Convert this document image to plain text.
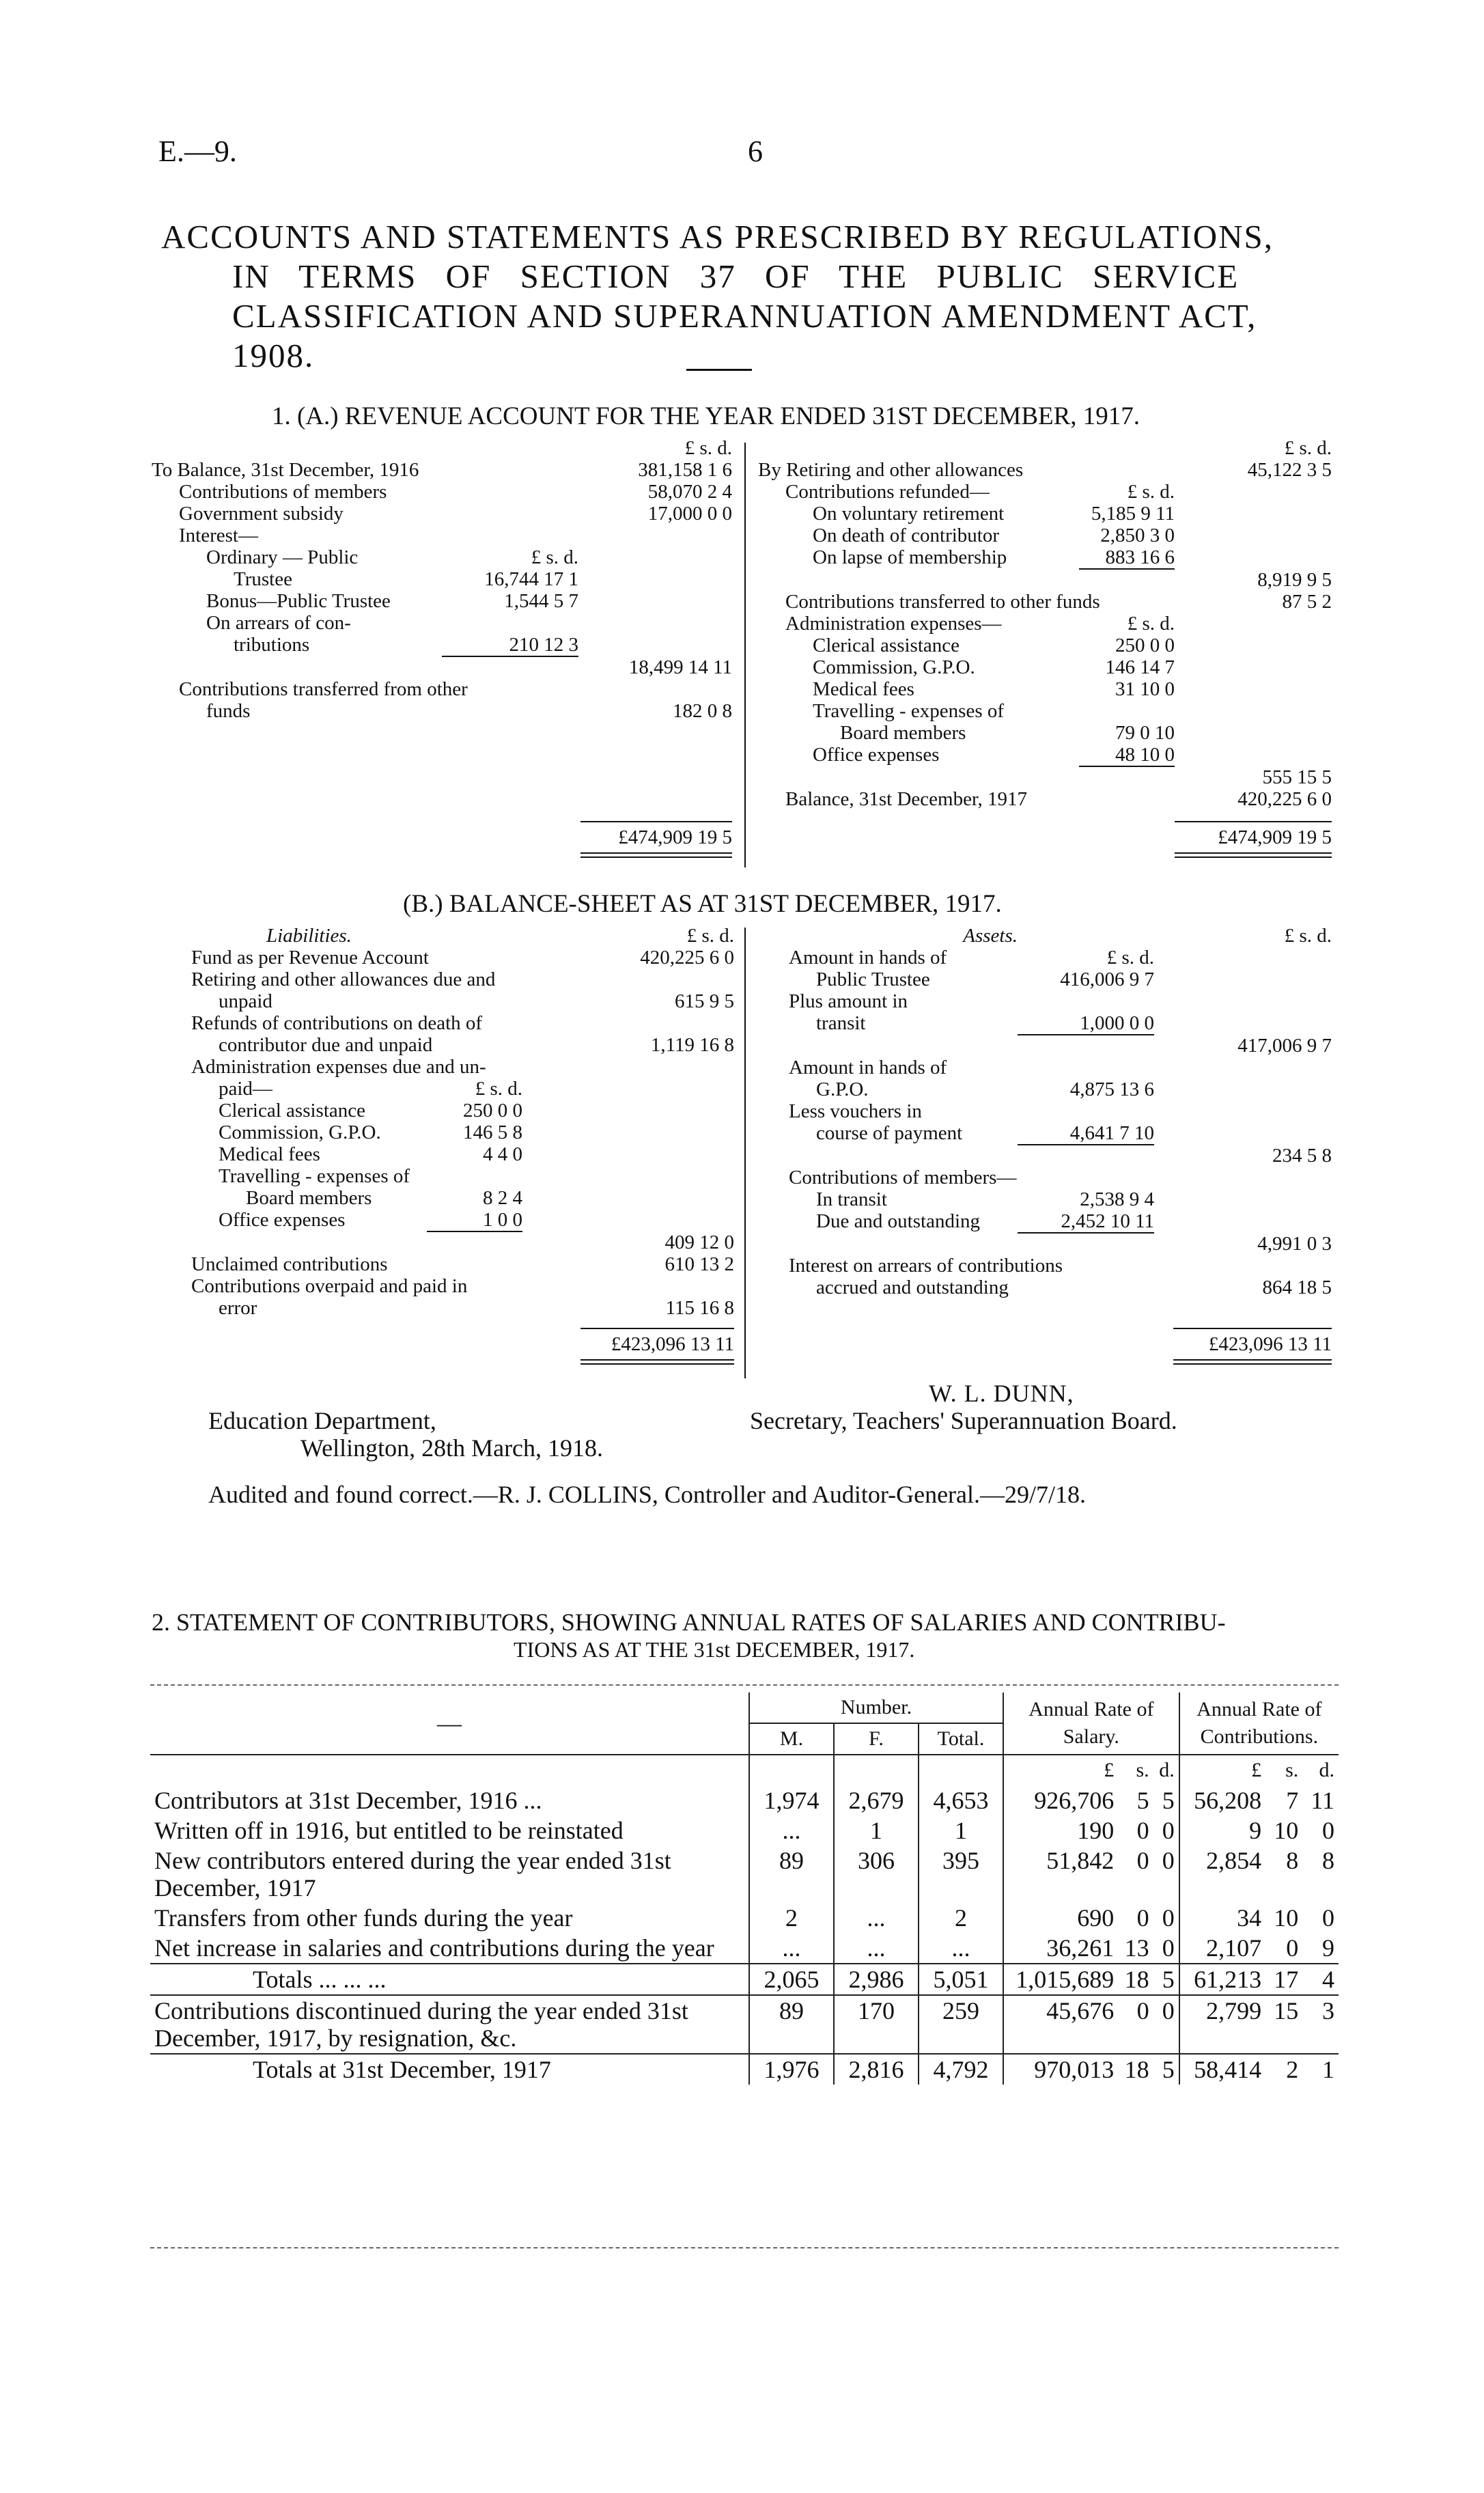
E.—9.	6
ACCOUNTS AND STATEMENTS AS PRESCRIBED BY REGULATIONS,
IN TERMS OF SECTION 37 OF THE PUBLIC SERVICE
CLASSIFICATION AND SUPERANNUATION AMENDMENT ACT,
1908.
1. (A.) REVENUE ACCOUNT FOR THE YEAR ENDED 31ST DECEMBER, 1917.
		£ s. d.
To Balance, 31st December, 1916		381,158 1 6
Contributions of members		58,070 2 4
Government subsidy		17,000 0 0
Interest—		
Ordinary — Public	£ s. d.	
Trustee	16,744 17 1	
Bonus—Public Trustee	1,544 5 7	
On arrears of con-		
tributions	210 12 3	
		18,499 14 11
Contributions transferred from other		
funds		182 0 8
£474,909 19 5
		£ s. d.
By Retiring and other allowances		45,122 3 5
Contributions refunded—	£ s. d.	
On voluntary retirement	5,185 9 11	
On death of contributor	2,850 3 0	
On lapse of membership	883 16 6	
		8,919 9 5
Contributions transferred to other funds		87 5 2
Administration expenses—	£ s. d.	
Clerical assistance	250 0 0	
Commission, G.P.O.	146 14 7	
Medical fees	31 10 0	
Travelling - expenses of		
Board members	79 0 10	
Office expenses	48 10 0	
		555 15 5
Balance, 31st December, 1917		420,225 6 0
£474,909 19 5
(B.) BALANCE-SHEET AS AT 31ST DECEMBER, 1917.
Liabilities.		£ s. d.
Fund as per Revenue Account		420,225 6 0
Retiring and other allowances due and		
unpaid		615 9 5
Refunds of contributions on death of		
contributor due and unpaid		1,119 16 8
Administration expenses due and un-		
paid—	£ s. d.	
Clerical assistance	250 0 0	
Commission, G.P.O.	146 5 8	
Medical fees	4 4 0	
Travelling - expenses of		
Board members	8 2 4	
Office expenses	1 0 0	
		409 12 0
Unclaimed contributions		610 13 2
Contributions overpaid and paid in		
error		115 16 8
£423,096 13 11
Assets.		£ s. d.
Amount in hands of	£ s. d.	
Public Trustee	416,006 9 7	
Plus amount in		
transit	1,000 0 0	
		417,006 9 7
Amount in hands of		
G.P.O.	4,875 13 6	
Less vouchers in		
course of payment	4,641 7 10	
		234 5 8
Contributions of members—		
In transit	2,538 9 4	
Due and outstanding	2,452 10 11	
		4,991 0 3
Interest on arrears of contributions		
accrued and outstanding		864 18 5
£423,096 13 11
W. L. DUNN,
Secretary, Teachers' Superannuation Board.
Education Department,
Wellington, 28th March, 1918.
Audited and found correct.—R. J. COLLINS, Controller and Auditor-General.—29/7/18.
2. STATEMENT OF CONTRIBUTORS, SHOWING ANNUAL RATES OF SALARIES AND CONTRIBU-
TIONS AS AT THE 31st DECEMBER, 1917.
—	Number.			Annual Rate of Salary.			Annual Rate of Contributions.		
	M.	F.	Total.						
				£	s.	d.	£	s.	d.
Contributors at 31st December, 1916 ...	1,974	2,679	4,653	926,706	5	5	56,208	7	11
Written off in 1916, but entitled to be reinstated	...	1	1	190	0	0	9	10	0
New contributors entered during the year ended 31st December, 1917	89	306	395	51,842	0	0	2,854	8	8
Transfers from other funds during the year	2	...	2	690	0	0	34	10	0
Net increase in salaries and contributions during the year	...	...	...	36,261	13	0	2,107	0	9
Totals ... ... ...	2,065	2,986	5,051	1,015,689	18	5	61,213	17	4
Contributions discontinued during the year ended 31st December, 1917, by resignation, &c.	89	170	259	45,676	0	0	2,799	15	3
Totals at 31st December, 1917	1,976	2,816	4,792	970,013	18	5	58,414	2	1
